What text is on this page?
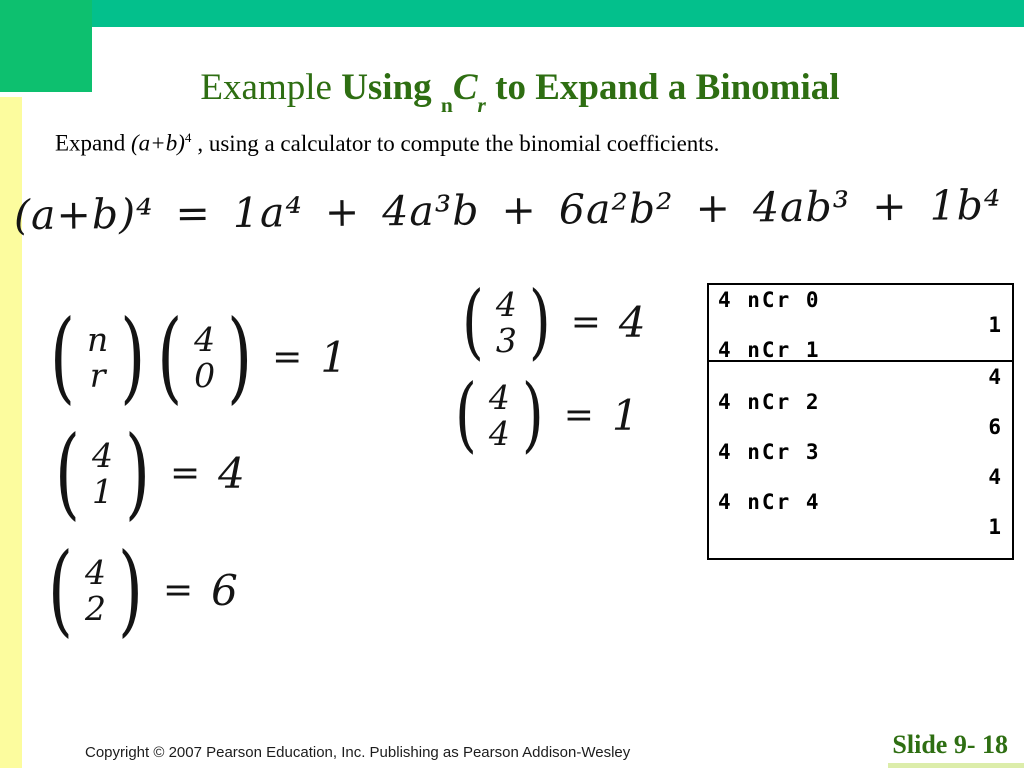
Example Using $_nC_r$ to Expand a Binomial
Expand $(a+b)^4$ , using a calculator to compute the binomial coefficients.
(a+b)⁴ = 1a⁴ + 4a³b + 6a²b² + 4ab³ + 1b⁴
( n
r ) ( 4
0 ) = 1
( 4
1 ) = 4
( 4
2 ) = 6
( 4
3 ) = 4
( 4
4 ) = 1
4 nCr 0
1
4 nCr 1
4
4 nCr 2
6
4 nCr 3
4
4 nCr 4
1
Copyright © 2007 Pearson Education, Inc. Publishing as Pearson Addison-Wesley	Slide 9- 18
